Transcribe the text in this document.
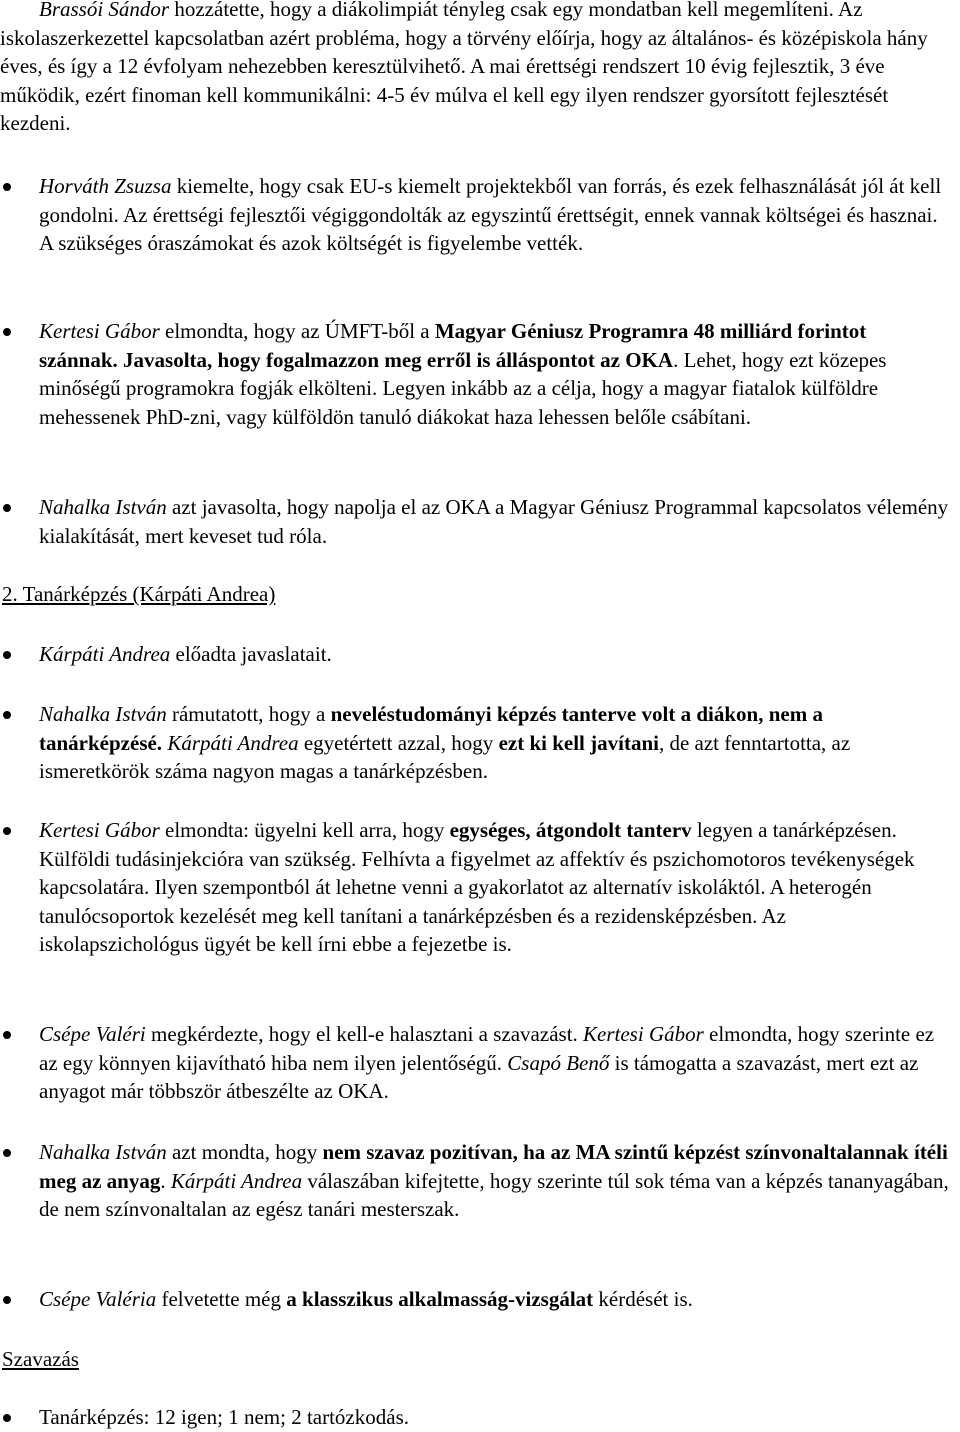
Brassói Sándor hozzátette, hogy a diákolimpiát tényleg csak egy mondatban kell megemlíteni. Az iskolaszerkezettel kapcsolatban azért probléma, hogy a törvény előírja, hogy az általános- és középiskola hány éves, és így a 12 évfolyam nehezebben keresztülvihető. A mai érettségi rendszert 10 évig fejlesztik, 3 éve működik, ezért finoman kell kommunikálni: 4-5 év múlva el kell egy ilyen rendszer gyorsított fejlesztését kezdeni.
Horváth Zsuzsa kiemelte, hogy csak EU-s kiemelt projektekből van forrás, és ezek felhasználását jól át kell gondolni. Az érettségi fejlesztői végiggondolták az egyszintű érettségit, ennek vannak költségei és hasznai. A szükséges óraszámokat és azok költségét is figyelembe vették.
Kertesi Gábor elmondta, hogy az ÚMFT-ből a Magyar Géniusz Programra 48 milliárd forintot szánnak. Javasolta, hogy fogalmazzon meg erről is álláspontot az OKA. Lehet, hogy ezt közepes minőségű programokra fogják elkölteni. Legyen inkább az a célja, hogy a magyar fiatalok külföldre mehessenek PhD-zni, vagy külföldön tanuló diákokat haza lehessen belőle csábítani.
Nahalka István azt javasolta, hogy napolja el az OKA a Magyar Géniusz Programmal kapcsolatos vélemény kialakítását, mert keveset tud róla.
2. Tanárképzés (Kárpáti Andrea)
Kárpáti Andrea előadta javaslatait.
Nahalka István rámutatott, hogy a neveléstudományi képzés tanterve volt a diákon, nem a tanárképzésé. Kárpáti Andrea egyetértett azzal, hogy ezt ki kell javítani, de azt fenntartotta, az ismeretkörök száma nagyon magas a tanárképzésben.
Kertesi Gábor elmondta: ügyelni kell arra, hogy egységes, átgondolt tanterv legyen a tanárképzésen. Külföldi tudásinjekcióra van szükség. Felhívta a figyelmet az affektív és pszichomotoros tevékenységek kapcsolatára. Ilyen szempontból át lehetne venni a gyakorlatot az alternatív iskoláktól. A heterogén tanulócsoportok kezelését meg kell tanítani a tanárképzésben és a rezidensképzésben. Az iskolapszichológus ügyét be kell írni ebbe a fejezetbe is.
Csépe Valéri megkérdezte, hogy el kell-e halasztani a szavazást. Kertesi Gábor elmondta, hogy szerinte ez az egy könnyen kijavítható hiba nem ilyen jelentőségű. Csapó Benő is támogatta a szavazást, mert ezt az anyagot már többször átbeszélte az OKA.
Nahalka István azt mondta, hogy nem szavaz pozitívan, ha az MA szintű képzést színvonaltalannak ítéli meg az anyag. Kárpáti Andrea válaszában kifejtette, hogy szerinte túl sok téma van a képzés tananyagában, de nem színvonaltalan az egész tanári mesterszak.
Csépe Valéria felvetette még a klasszikus alkalmasság-vizsgálat kérdését is.
Szavazás
Tanárképzés: 12 igen; 1 nem; 2 tartózkodás.
